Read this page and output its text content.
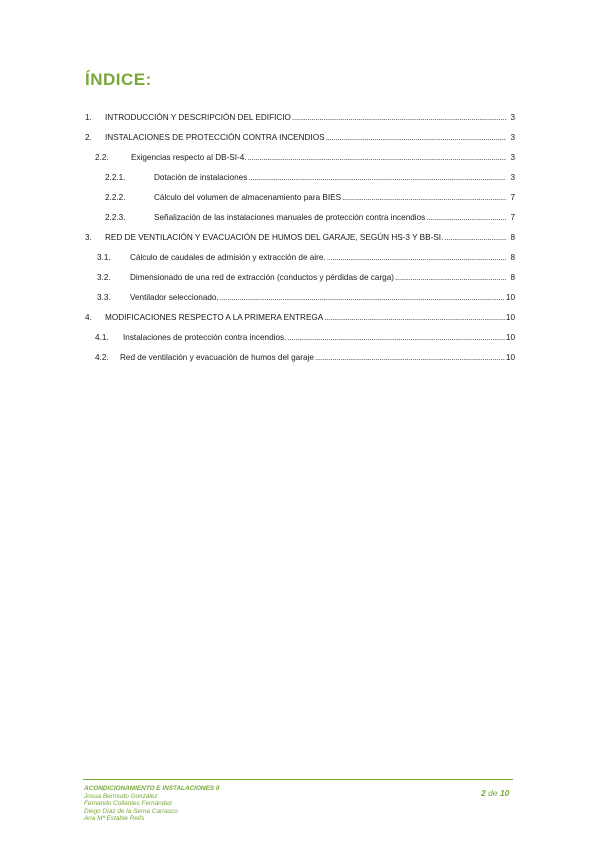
ÍNDICE:
1.	INTRODUCCIÓN Y DESCRIPCIÓN DEL EDIFICIO . . .	3
2.	INSTALACIONES DE PROTECCIÓN CONTRA INCENDIOS . . .	3
2.2.	Exigencias respecto al DB-SI-4. . . .	3
2.2.1.	Dotación de instalaciones . . .	3
2.2.2.	Cálculo del volumen de almacenamiento para BIES . . .	7
2.2.3.	Señalización de las instalaciones manuales de protección contra incendios . . .	7
3.	RED DE VENTILACIÓN Y EVACUACIÓN DE HUMOS DEL GARAJE, SEGÚN HS-3 Y BB-SI. . . .	8
3.1.	Cálculo de caudales de admisión y extracción de aire. . . .	8
3.2.	Dimensionado de una red de extracción (conductos y pérdidas de carga) . . .	8
3.3.	Ventilador seleccionado. . . .	10
4.	MODIFICACIONES RESPECTO A LA PRIMERA ENTREGA . . .	10
4.1.	Instalaciones de protección contra incendios. . . .	10
4.2.	Red de ventilación y evacuación de humos del garaje . . .	10
ACONDICIONAMIENTO E INSTALACIONES II
Josua Bermudo González
Fernando Collantes Fernández
Diego Díaz de la Serna Carrasco
Ana Mª Estable Reifs
2 de 10
